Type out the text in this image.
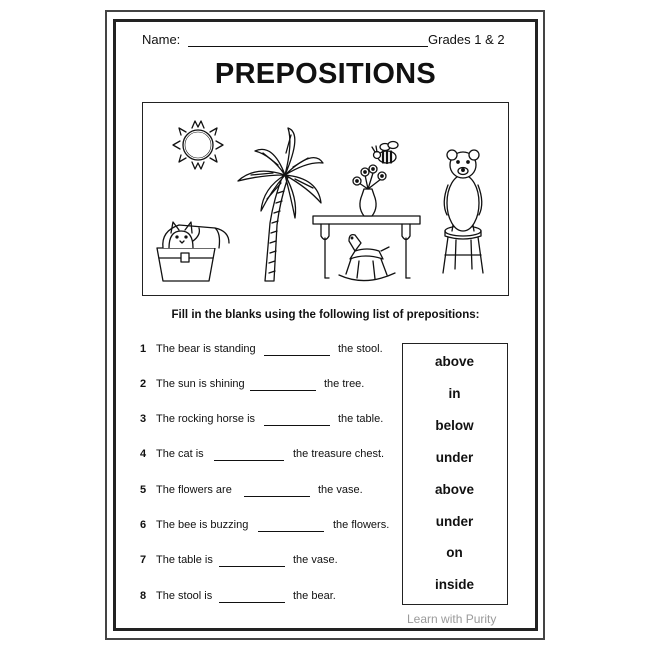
Name:	Grades 1 & 2
PREPOSITIONS
Fill in the blanks using the following list of prepositions:
1 The bear is standing	the stool.
2 The sun is shining	the tree.
3 The rocking horse is	the table.
4 The cat is	the treasure chest.
5 The flowers are	the vase.
6 The bee is buzzing	the flowers.
7 The table is	the vase.
8 The stool is	the bear.
above
in
below
under
above
under
on
inside
Learn with Purity
